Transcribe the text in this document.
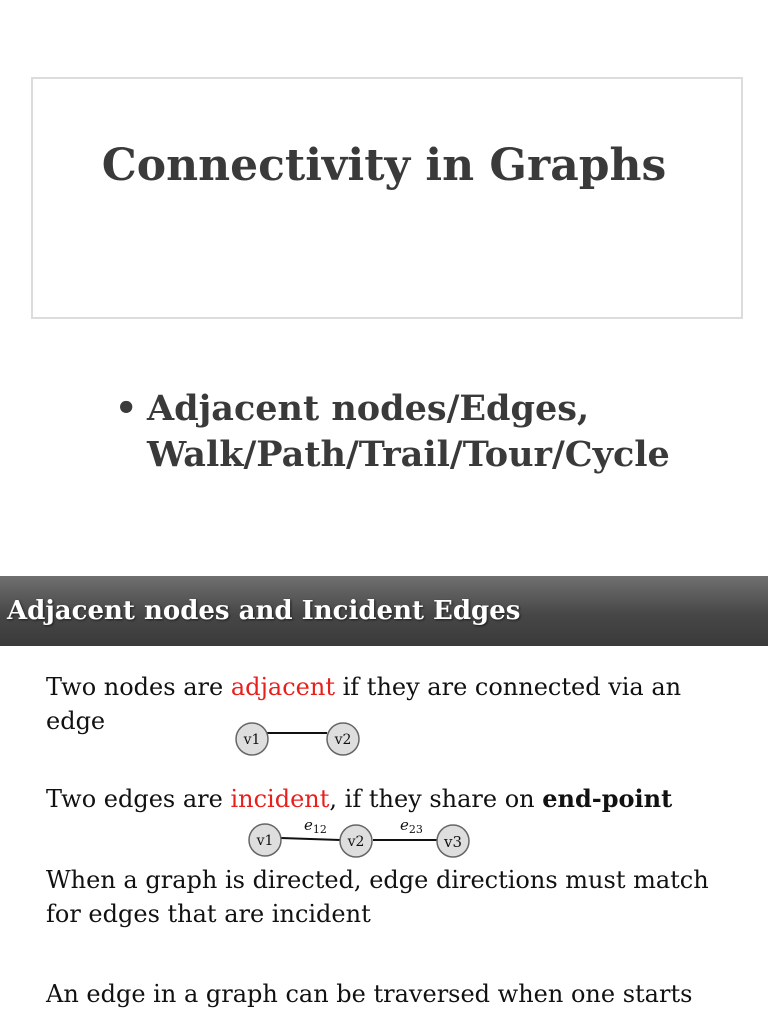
Connectivity in Graphs
• Adjacent nodes/Edges,
Walk/Path/Trail/Tour/Cycle
Adjacent nodes and Incident Edges
Two nodes are adjacent if they are connected via an edge
v1	v2
v1	v2	v3
$e_{12}$	$e_{23}$
Two edges are incident, if they share on end-point
When a graph is directed, edge directions must match for edges that are incident
An edge in a graph can be traversed when one starts
